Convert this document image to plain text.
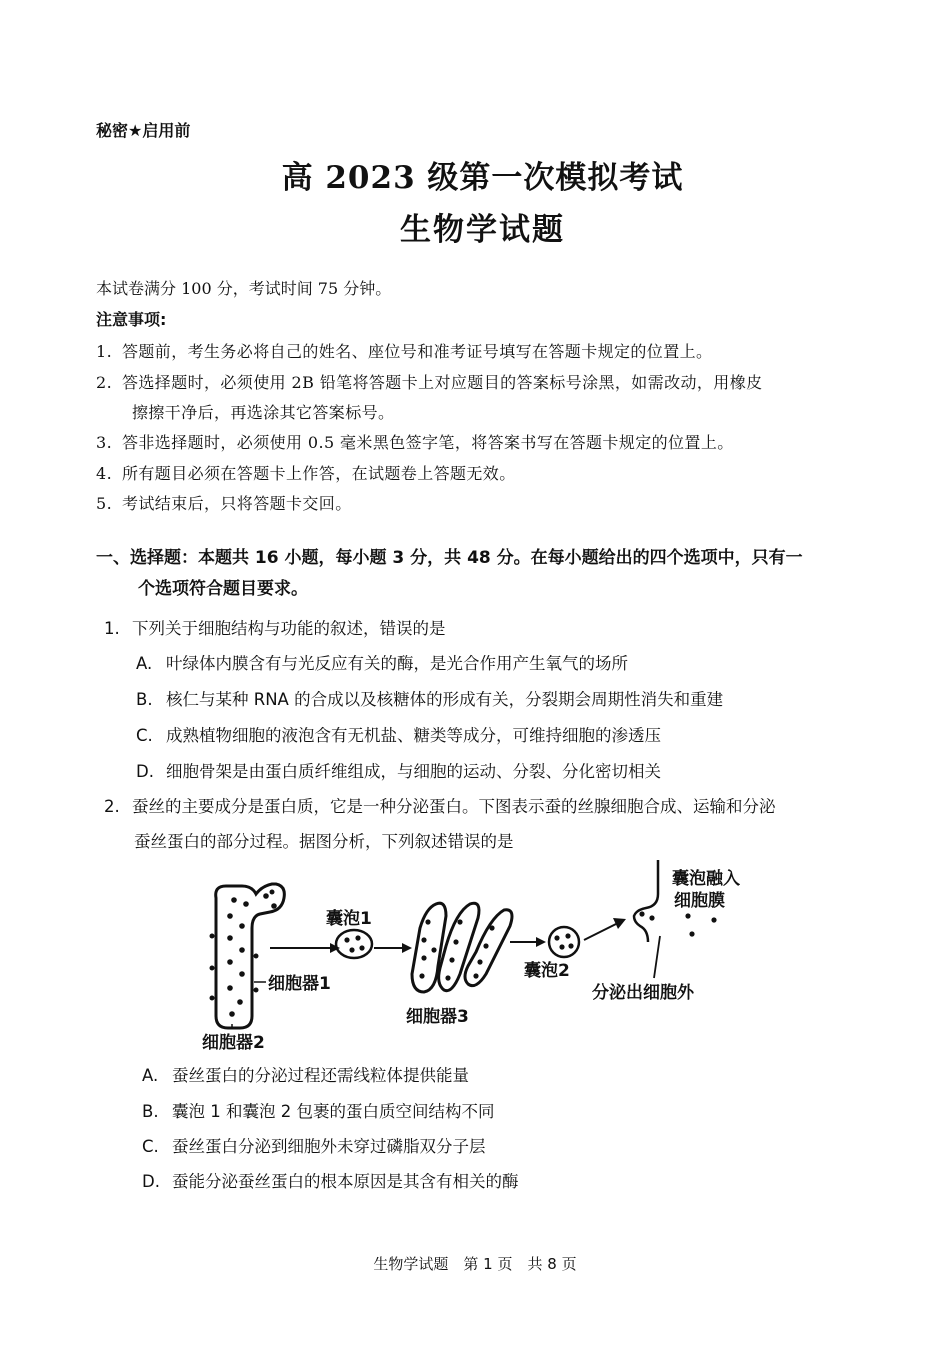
秘密★启用前
高 2023 级第一次模拟考试
生物学试题
本试卷满分 100 分，考试时间 75 分钟。
注意事项:
1. 答题前，考生务必将自己的姓名、座位号和准考证号填写在答题卡规定的位置上。
2. 答选择题时，必须使用 2B 铅笔将答题卡上对应题目的答案标号涂黑，如需改动，用橡皮
擦擦干净后，再选涂其它答案标号。
3. 答非选择题时，必须使用 0.5 毫米黑色签字笔，将答案书写在答题卡规定的位置上。
4. 所有题目必须在答题卡上作答，在试题卷上答题无效。
5. 考试结束后，只将答题卡交回。
一、选择题：本题共 16 小题，每小题 3 分，共 48 分。在每小题给出的四个选项中，只有一
个选项符合题目要求。
1. 下列关于细胞结构与功能的叙述，错误的是
A. 叶绿体内膜含有与光反应有关的酶，是光合作用产生氧气的场所
B. 核仁与某种 RNA 的合成以及核糖体的形成有关，分裂期会周期性消失和重建
C. 成熟植物细胞的液泡含有无机盐、糖类等成分，可维持细胞的渗透压
D. 细胞骨架是由蛋白质纤维组成，与细胞的运动、分裂、分化密切相关
2. 蚕丝的主要成分是蛋白质，它是一种分泌蛋白。下图表示蚕的丝腺细胞合成、运输和分泌
蚕丝蛋白的部分过程。据图分析，下列叙述错误的是
囊泡1
细胞器1
细胞器2
细胞器3
囊泡2
囊泡融入
细胞膜
分泌出细胞外
A. 蚕丝蛋白的分泌过程还需线粒体提供能量
B. 囊泡 1 和囊泡 2 包裹的蛋白质空间结构不同
C. 蚕丝蛋白分泌到细胞外未穿过磷脂双分子层
D. 蚕能分泌蚕丝蛋白的根本原因是其含有相关的酶
生物学试题　第 1 页　共 8 页
